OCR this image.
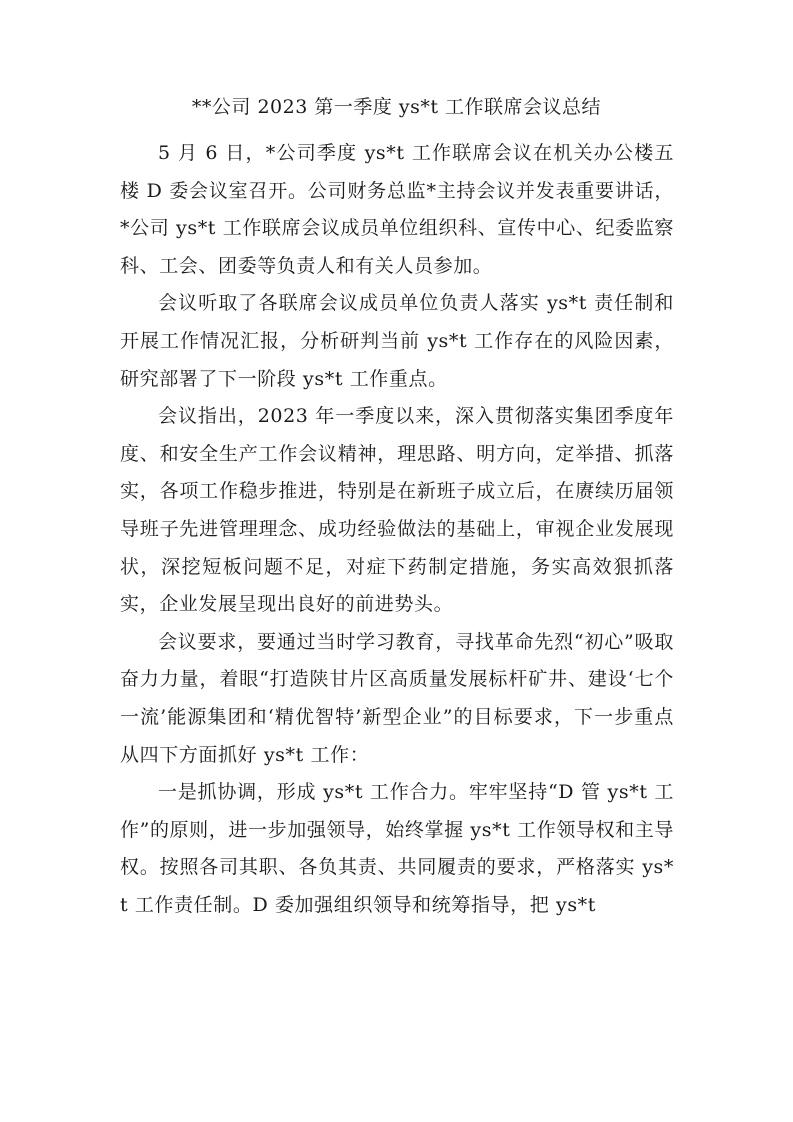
**公司 2023 第一季度 ys*t 工作联席会议总结

5 月 6 日，*公司季度 ys*t 工作联席会议在机关办公楼五楼 D 委会议室召开。公司财务总监*主持会议并发表重要讲话，*公司 ys*t 工作联席会议成员单位组织科、宣传中心、纪委监察科、工会、团委等负责人和有关人员参加。

会议听取了各联席会议成员单位负责人落实 ys*t 责任制和开展工作情况汇报，分析研判当前 ys*t 工作存在的风险因素，研究部署了下一阶段 ys*t 工作重点。

会议指出，2023 年一季度以来，深入贯彻落实集团季度年度、和安全生产工作会议精神，理思路、明方向，定举措、抓落实，各项工作稳步推进，特别是在新班子成立后，在赓续历届领导班子先进管理理念、成功经验做法的基础上，审视企业发展现状，深挖短板问题不足，对症下药制定措施，务实高效狠抓落实，企业发展呈现出良好的前进势头。

会议要求，要通过当时学习教育，寻找革命先烈“初心”吸取奋力力量，着眼“打造陕甘片区高质量发展标杆矿井、建设‘七个一流’能源集团和‘精优智特’新型企业”的目标要求，下一步重点从四下方面抓好 ys*t 工作：

一是抓协调，形成 ys*t 工作合力。牢牢坚持“D 管 ys*t 工作”的原则，进一步加强领导，始终掌握 ys*t 工作领导权和主导权。按照各司其职、各负其责、共同履责的要求，严格落实 ys*t 工作责任制。D 委加强组织领导和统筹指导，把 ys*t
